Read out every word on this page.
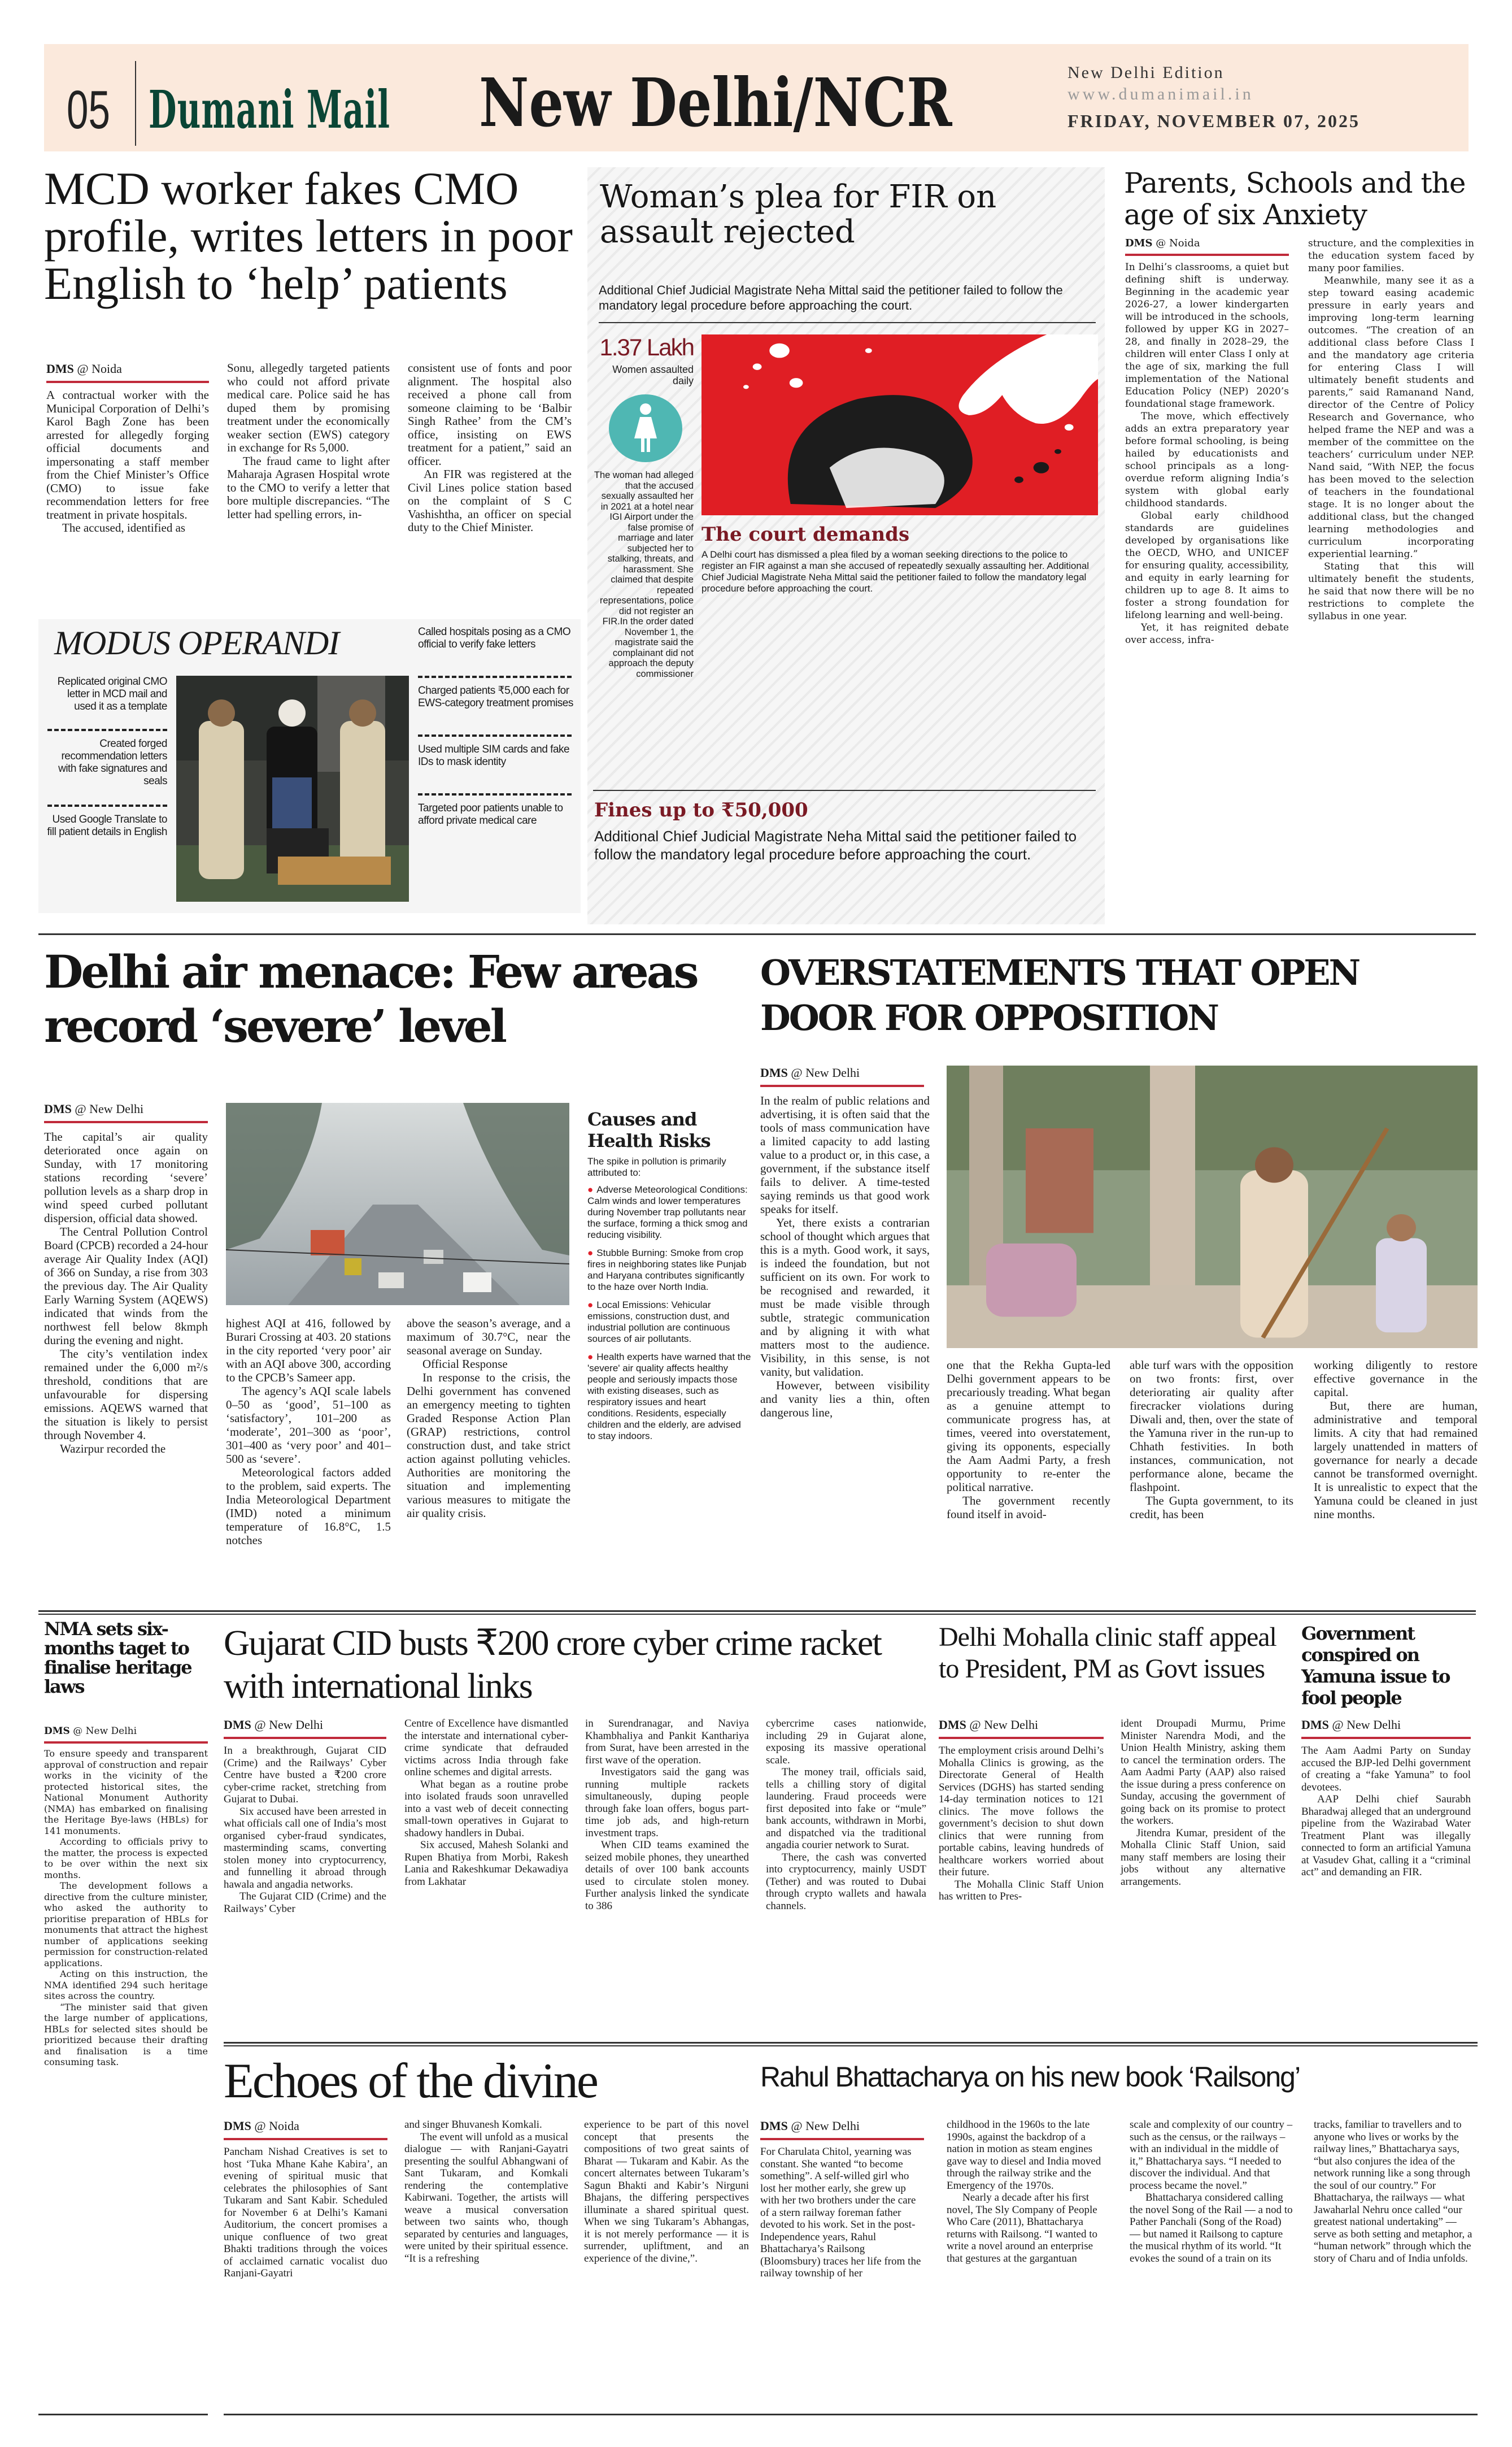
05 Dumani Mail New Delhi/NCR	New Delhi Edition
www.dumanimail.in
FRIDAY, NOVEMBER 07, 2025
MCD worker fakes CMO profile, writes letters in poor English to ‘help’ patients
DMS @ Noida

A contractual worker with the Municipal Corporation of Delhi’s Karol Bagh Zone has been arrested for allegedly forging official documents and impersonating a staff member from the Chief Minister’s Office (CMO) to issue fake recommendation letters for free treatment in private hospitals.

The accused, identified as

Sonu, allegedly targeted patients who could not afford private medical care. Police said he has duped them by promising treatment under the economically weaker section (EWS) category in exchange for Rs 5,000.

The fraud came to light after Maharaja Agrasen Hospital wrote to the CMO to verify a letter that bore multiple discrepancies. “The letter had spelling errors, in-

consistent use of fonts and poor alignment. The hospital also received a phone call from someone claiming to be ‘Balbir Singh Rathee’ from the CM’s office, insisting on EWS treatment for a patient,” said an officer.

An FIR was registered at the Civil Lines police station based on the complaint of S C Vashishtha, an officer on special duty to the Chief Minister.

MODUS OPERANDI
Replicated original CMO letter in MCD mail and used it as a template
Created forged recommendation letters with fake signatures and seals
Used Google Translate to fill patient details in English
Called hospitals posing as a CMO official to verify fake letters
Charged patients ₹5,000 each for EWS-category treatment promises
Used multiple SIM cards and fake IDs to mask identity
Targeted poor patients unable to afford private medical care
Woman’s plea for FIR on assault rejected
Additional Chief Judicial Magistrate Neha Mittal said the petitioner failed to follow the mandatory legal procedure before approaching the court.
1.37 Lakh
Women assaulted daily
The woman had alleged that the accused sexually assaulted her in 2021 at a hotel near IGI Airport under the false promise of marriage and later subjected her to stalking, threats, and harassment. She claimed that despite repeated representations, police did not register an FIR.In the order dated November 1, the magistrate said the complainant did not approach the deputy commissioner
The court demands
A Delhi court has dismissed a plea filed by a woman seeking directions to the police to register an FIR against a man she accused of repeatedly sexually assaulting her. Additional Chief Judicial Magistrate Neha Mittal said the petitioner failed to follow the mandatory legal procedure before approaching the court.
Fines up to ₹50,000
Additional Chief Judicial Magistrate Neha Mittal said the petitioner failed to follow the mandatory legal procedure before approaching the court.
Parents, Schools and the age of six Anxiety
DMS @ Noida

In Delhi’s classrooms, a quiet but defining shift is underway. Beginning in the academic year 2026-27, a lower kindergarten will be introduced in the schools, followed by upper KG in 2027–28, and finally in 2028–29, the children will enter Class I only at the age of six, marking the full implementation of the National Education Policy (NEP) 2020’s foundational stage framework.

The move, which effectively adds an extra preparatory year before formal schooling, is being hailed by educationists and school principals as a long-overdue reform aligning India’s system with global early childhood standards.

Global early childhood standards are guidelines developed by organisations like the OECD, WHO, and UNICEF for ensuring quality, accessibility, and equity in early learning for children up to age 8. It aims to foster a strong foundation for lifelong learning and well-being.

Yet, it has reignited debate over access, infra-

structure, and the complexities in the education system faced by many poor families.

Meanwhile, many see it as a step toward easing academic pressure in early years and improving long-term learning outcomes. “The creation of an additional class before Class I and the mandatory age criteria for entering Class I will ultimately benefit students and parents,” said Ramanand Nand, director of the Centre of Policy Research and Governance, who helped frame the NEP and was a member of the committee on the teachers’ curriculum under NEP. Nand said, “With NEP, the focus has been moved to the selection of teachers in the foundational stage. It is no longer about the additional class, but the changed learning methodologies and curriculum incorporating experiential learning.”

Stating that this will ultimately benefit the students, he said that now there will be no restrictions to complete the syllabus in one year.

Delhi air menace: Few areas record ‘severe’ level
DMS @ New Delhi

The capital’s air quality deteriorated once again on Sunday, with 17 monitoring stations recording ‘severe’ pollution levels as a sharp drop in wind speed curbed pollutant dispersion, official data showed.

The Central Pollution Control Board (CPCB) recorded a 24-hour average Air Quality Index (AQI) of 366 on Sunday, a rise from 303 the previous day. The Air Quality Early Warning System (AQEWS) indicated that winds from the northwest fell below 8kmph during the evening and night.

The city’s ventilation index remained under the 6,000 m²/s threshold, conditions that are unfavourable for dispersing emissions. AQEWS warned that the situation is likely to persist through November 4.

Wazirpur recorded the

highest AQI at 416, followed by Burari Crossing at 403. 20 stations in the city reported ‘very poor’ air with an AQI above 300, according to the CPCB’s Sameer app.

The agency’s AQI scale labels 0–50 as ‘good’, 51–100 as ‘satisfactory’, 101–200 as ‘moderate’, 201–300 as ‘poor’, 301–400 as ‘very poor’ and 401–500 as ‘severe’.

Meteorological factors added to the problem, said experts. The India Meteorological Department (IMD) noted a minimum temperature of 16.8°C, 1.5 notches

above the season’s average, and a maximum of 30.7°C, near the seasonal average on Sunday.

Official Response

In response to the crisis, the Delhi government has convened an emergency meeting to tighten Graded Response Action Plan (GRAP) restrictions, control construction dust, and take strict action against polluting vehicles. Authorities are monitoring the situation and implementing various measures to mitigate the air quality crisis.

Causes and Health Risks
The spike in pollution is primarily attributed to:

● Adverse Meteorological Conditions: Calm winds and lower temperatures during November trap pollutants near the surface, forming a thick smog and reducing visibility.

● Stubble Burning: Smoke from crop fires in neighboring states like Punjab and Haryana contributes significantly to the haze over North India.

● Local Emissions: Vehicular emissions, construction dust, and industrial pollution are continuous sources of air pollutants.

● Health experts have warned that the 'severe' air quality affects healthy people and seriously impacts those with existing diseases, such as respiratory issues and heart conditions. Residents, especially children and the elderly, are advised to stay indoors.

OVERSTATEMENTS THAT OPEN DOOR FOR OPPOSITION
DMS @ New Delhi

In the realm of public relations and advertising, it is often said that the tools of mass communication have a limited capacity to add lasting value to a product or, in this case, a government, if the substance itself fails to deliver. A time-tested saying reminds us that good work speaks for itself.

Yet, there exists a contrarian school of thought which argues that this is a myth. Good work, it says, is indeed the foundation, but not sufficient on its own. For work to be recognised and rewarded, it must be made visible through subtle, strategic communication and by aligning it with what matters most to the audience. Visibility, in this sense, is not vanity, but validation.

However, between visibility and vanity lies a thin, often dangerous line,

one that the Rekha Gupta-led Delhi government appears to be precariously treading. What began as a genuine attempt to communicate progress has, at times, veered into overstatement, giving its opponents, especially the Aam Aadmi Party, a fresh opportunity to re-enter the political narrative.

The government recently found itself in avoid-

able turf wars with the opposition on two fronts: first, over deteriorating air quality after firecracker violations during Diwali and, then, over the state of the Yamuna river in the run-up to Chhath festivities. In both instances, communication, not performance alone, became the flashpoint.

The Gupta government, to its credit, has been

working diligently to restore effective governance in the capital.

But, there are human, administrative and temporal limits. A city that had remained largely unattended in matters of governance for nearly a decade cannot be transformed overnight. It is unrealistic to expect that the Yamuna could be cleaned in just nine months.

NMA sets six-months taget to finalise heritage laws
DMS @ New Delhi

To ensure speedy and transparent approval of construction and repair works in the vicinity of the protected historical sites, the National Monument Authority (NMA) has embarked on finalising the Heritage Bye-laws (HBLs) for 141 monuments.

According to officials privy to the matter, the process is expected to be over within the next six months.

The development follows a directive from the culture minister, who asked the authority to prioritise preparation of HBLs for monuments that attract the highest number of applications seeking permission for construction-related applications.

Acting on this instruction, the NMA identified 294 such heritage sites across the country.

“The minister said that given the large number of applications, HBLs for selected sites should be prioritized because their drafting and finalisation is a time consuming task.

Gujarat CID busts ₹200 crore cyber crime racket with international links
DMS @ New Delhi

In a breakthrough, Gujarat CID (Crime) and the Railways’ Cyber Centre have busted a ₹200 crore cyber-crime racket, stretching from Gujarat to Dubai.

Six accused have been arrested in what officials call one of India’s most organised cyber-fraud syndicates, masterminding scams, converting stolen money into cryptocurrency, and funnelling it abroad through hawala and angadia networks.

The Gujarat CID (Crime) and the Railways’ Cyber

Centre of Excellence have dismantled the interstate and international cyber-crime syndicate that defrauded victims across India through fake online schemes and digital arrests.

What began as a routine probe into isolated frauds soon unravelled into a vast web of deceit connecting small-town operatives in Gujarat to shadowy handlers in Dubai.

Six accused, Mahesh Solanki and Rupen Bhatiya from Morbi, Rakesh Lania and Rakeshkumar Dekawadiya from Lakhatar

in Surendranagar, and Naviya Khambhaliya and Pankit Kanthariya from Surat, have been arrested in the first wave of the operation.

Investigators said the gang was running multiple rackets simultaneously, duping people through fake loan offers, bogus part-time job ads, and high-return investment traps.

When CID teams examined the seized mobile phones, they unearthed details of over 100 bank accounts used to circulate stolen money. Further analysis linked the syndicate to 386

cybercrime cases nationwide, including 29 in Gujarat alone, exposing its massive operational scale.

The money trail, officials said, tells a chilling story of digital laundering. Fraud proceeds were first deposited into fake or “mule” bank accounts, withdrawn in Morbi, and dispatched via the traditional angadia courier network to Surat.

There, the cash was converted into cryptocurrency, mainly USDT (Tether) and was routed to Dubai through crypto wallets and hawala channels.

Delhi Mohalla clinic staff appeal to President, PM as Govt issues
DMS @ New Delhi

The employment crisis around Delhi’s Mohalla Clinics is growing, as the Directorate General of Health Services (DGHS) has started sending 14-day termination notices to 121 clinics. The move follows the government’s decision to shut down clinics that were running from portable cabins, leaving hundreds of healthcare workers worried about their future.

The Mohalla Clinic Staff Union has written to Pres-

ident Droupadi Murmu, Prime Minister Narendra Modi, and the Union Health Ministry, asking them to cancel the termination orders. The Aam Aadmi Party (AAP) also raised the issue during a press conference on Sunday, accusing the government of going back on its promise to protect the workers.

Jitendra Kumar, president of the Mohalla Clinic Staff Union, said many staff members are losing their jobs without any alternative arrangements.

Government conspired on Yamuna issue to fool people
DMS @ New Delhi

The Aam Aadmi Party on Sunday accused the BJP-led Delhi government of creating a “fake Yamuna” to fool devotees.

AAP Delhi chief Saurabh Bharadwaj alleged that an underground pipeline from the Wazirabad Water Treatment Plant was illegally connected to form an artificial Yamuna at Vasudev Ghat, calling it a “criminal act” and demanding an FIR.

Echoes of the divine
DMS @ Noida

Pancham Nishad Creatives is set to host ‘Tuka Mhane Kahe Kabira’, an evening of spiritual music that celebrates the philosophies of Sant Tukaram and Sant Kabir. Scheduled for November 6 at Delhi’s Kamani Auditorium, the concert promises a unique confluence of two great Bhakti traditions through the voices of acclaimed carnatic vocalist duo Ranjani-Gayatri

and singer Bhuvanesh Komkali.

The event will unfold as a musical dialogue — with Ranjani-Gayatri presenting the soulful Abhangwani of Sant Tukaram, and Komkali rendering the contemplative Kabirwani. Together, the artists will weave a musical conversation between two saints who, though separated by centuries and languages, were united by their spiritual essence. “It is a refreshing

experience to be part of this novel concept that presents the compositions of two great saints of Bharat — Tukaram and Kabir. As the concert alternates between Tukaram’s Sagun Bhakti and Kabir’s Nirguni Bhajans, the differing perspectives illuminate a shared spiritual quest. When we sing Tukaram’s Abhangas, it is not merely performance — it is surrender, upliftment, and an experience of the divine,”.

Rahul Bhattacharya on his new book ‘Railsong’
DMS @ New Delhi

For Charulata Chitol, yearning was constant. She wanted “to become something”. A self-willed girl who lost her mother early, she grew up with her two brothers under the care of a stern railway foreman father devoted to his work. Set in the post-Independence years, Rahul Bhattacharya’s Railsong (Bloomsbury) traces her life from the railway township of her

childhood in the 1960s to the late 1990s, against the backdrop of a nation in motion as steam engines gave way to diesel and India moved through the railway strike and the Emergency of the 1970s.

Nearly a decade after his first novel, The Sly Company of People Who Care (2011), Bhattacharya returns with Railsong. “I wanted to write a novel around an enterprise that gestures at the gargantuan

scale and complexity of our country – such as the census, or the railways – with an individual in the middle of it,” Bhattacharya says. “I needed to discover the individual. And that process became the novel.”

Bhattacharya considered calling the novel Song of the Rail — a nod to Pather Panchali (Song of the Road) — but named it Railsong to capture the musical rhythm of its world. “It evokes the sound of a train on its

tracks, familiar to travellers and to anyone who lives or works by the railway lines,” Bhattacharya says, “but also conjures the idea of the network running like a song through the soul of our country.” For Bhattacharya, the railways — what Jawaharlal Nehru once called “our greatest national undertaking” — serve as both setting and metaphor, a “human network” through which the story of Charu and of India unfolds.
